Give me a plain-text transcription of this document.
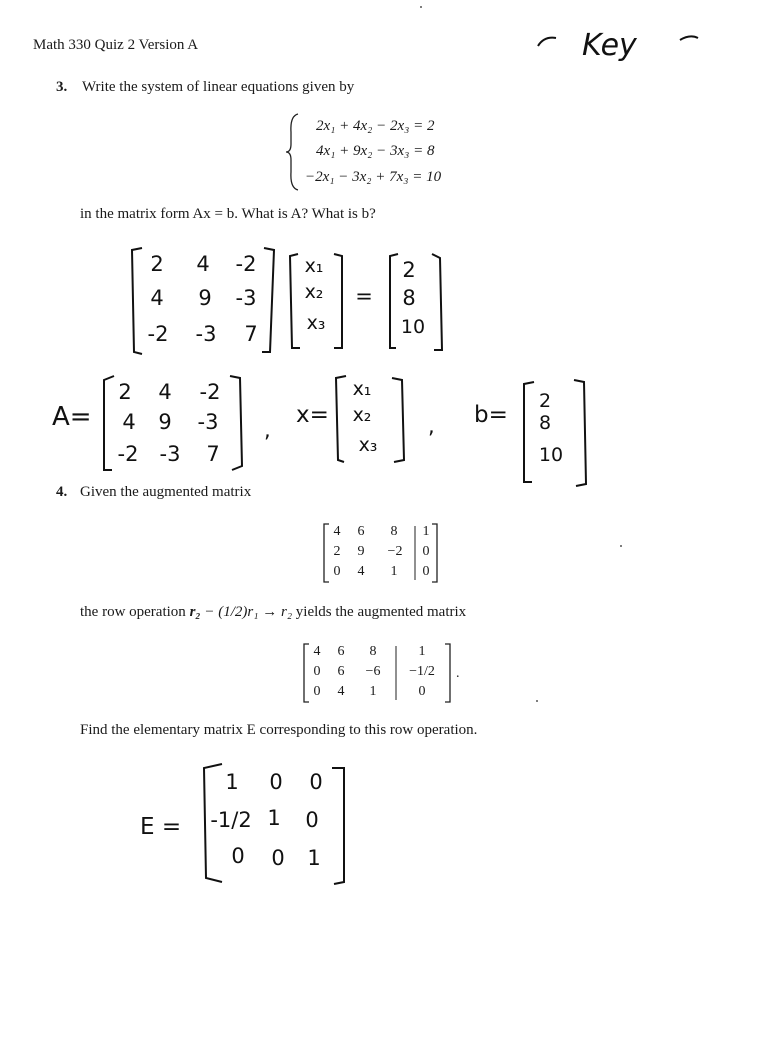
Math 330 Quiz 2 Version A	Key
3. Write the system of linear equations given by
2x₁ + 4x₂ − 2x₃ = 2
4x₁ + 9x₂ − 3x₃ = 8
−2x₁ − 3x₂ + 7x₃ = 10
in the matrix form Ax = b. What is A? What is b?
2	4	-2
4	9	-3
-2	-3	7
x₁
x₂
x₃
=
2
8
10
A=
2	4	-2
4	9	-3
-2	-3	7
,
x=
x₁
x₂
x₃
, b=
2
8
10
4. Given the augmented matrix
4	6	8	1
2	9	−2	0
0	4	1	0
the row operation r₂ − (1/2)r₁ → r₂ yields the augmented matrix
4	6	8	1
0	6	−6	−1/2
0	4	1	0
.
Find the elementary matrix E corresponding to this row operation.
E =
1 0 0
-1/2 1 0
0 0 1
